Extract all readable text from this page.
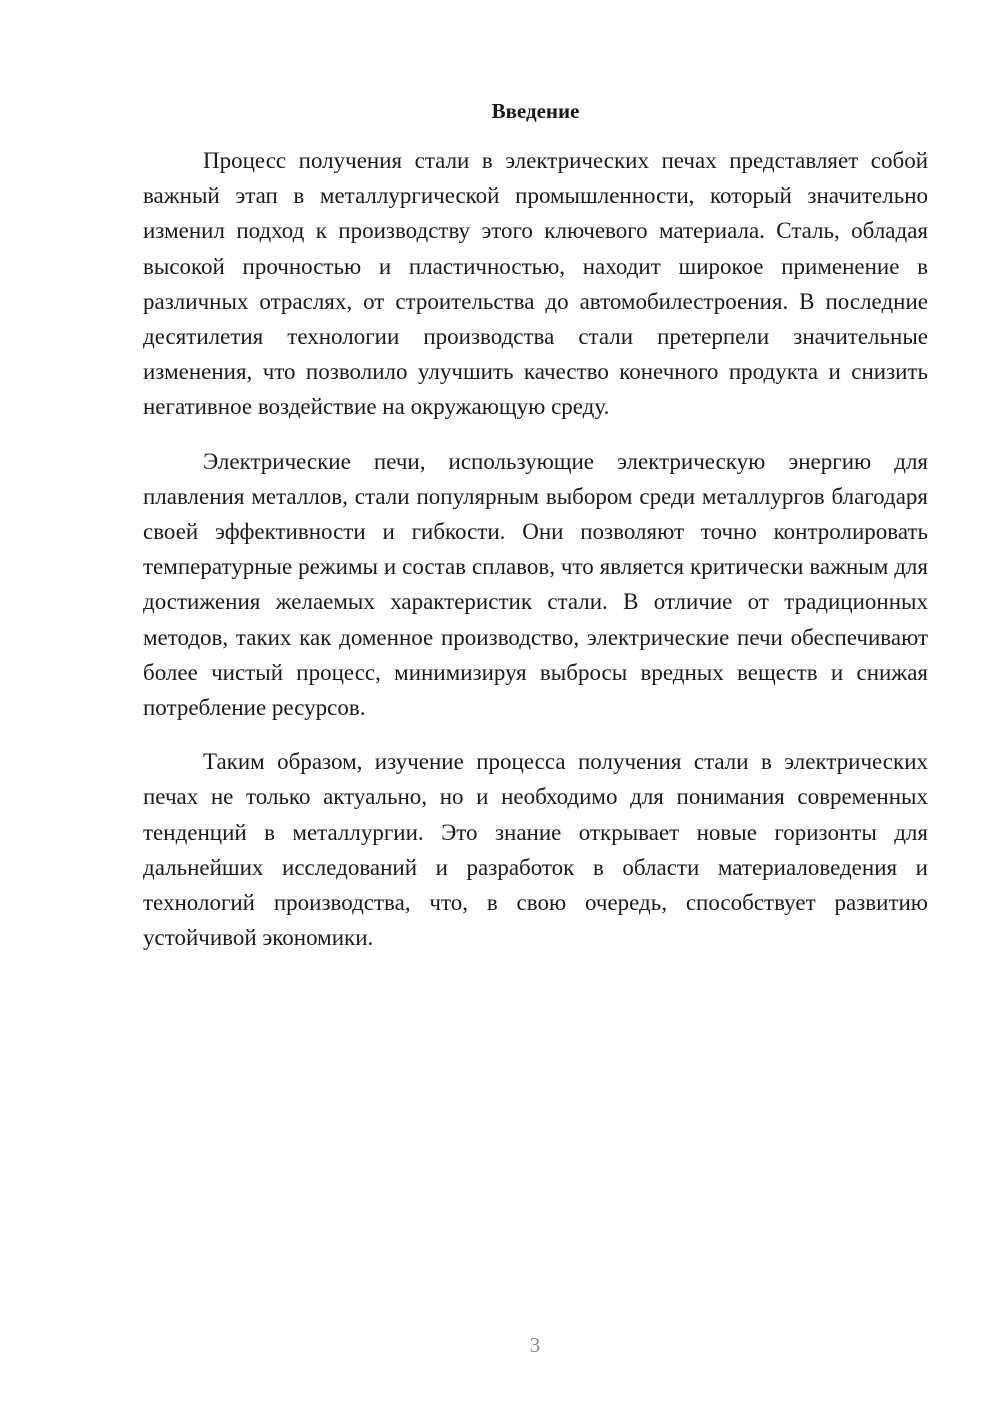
Введение

Процесс получения стали в электрических печах представляет собой важный этап в металлургической промышленности, который значительно изменил подход к производству этого ключевого материала. Сталь, обладая высокой прочностью и пластичностью, находит широкое применение в различных отраслях, от строительства до автомобилестроения. В последние десятилетия технологии производства стали претерпели значительные изменения, что позволило улучшить качество конечного продукта и снизить негативное воздействие на окружающую среду.

Электрические печи, использующие электрическую энергию для плавления металлов, стали популярным выбором среди металлургов благодаря своей эффективности и гибкости. Они позволяют точно контролировать температурные режимы и состав сплавов, что является критически важным для достижения желаемых характеристик стали. В отличие от традиционных методов, таких как доменное производство, электрические печи обеспечивают более чистый процесс, минимизируя выбросы вредных веществ и снижая потребление ресурсов.

Таким образом, изучение процесса получения стали в электрических печах не только актуально, но и необходимо для понимания современных тенденций в металлургии. Это знание открывает новые горизонты для дальнейших исследований и разработок в области материаловедения и технологий производства, что, в свою очередь, способствует развитию устойчивой экономики.

3
